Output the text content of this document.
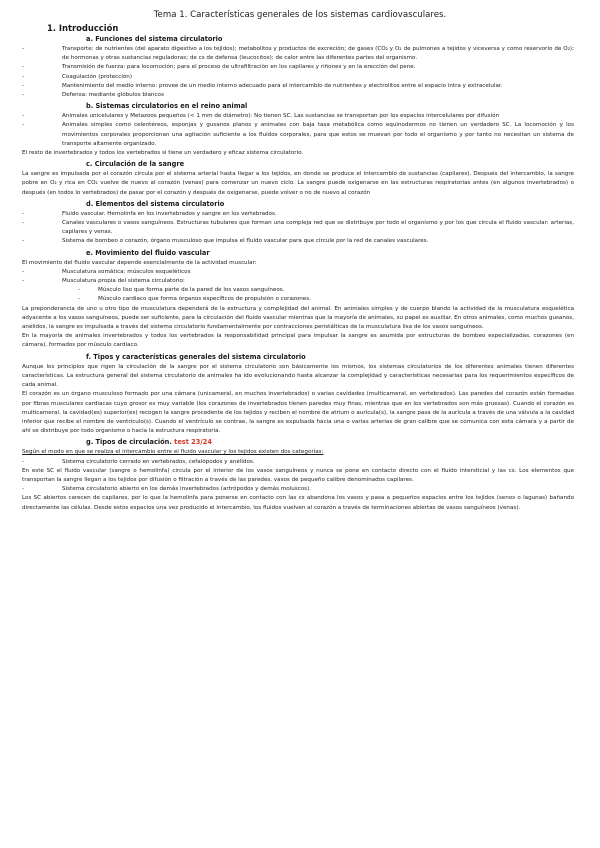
Tema 1. Características generales de los sistemas cardiovasculares.
1. Introducción
a. Funciones del sistema circulatorio
-	Transporte: de nutrientes (del aparato digestivo a los tejidos); metabolitos y productos de excreción; de gases (CO₂ y O₂ de pulmones a tejidos y viceversa y como reservorio de O₂); de hormonas y otras sustancias reguladoras; de cs de defensa (leucocitos); de calor entre las diferentes partes del organismo.
-	Transmisión de fuerza: para locomoción; para el proceso de ultrafiltración en los capilares y riñones y en la erección del pene.
-	Coagulación (protección)
-	Mantenimiento del medio interno: provee de un medio interno adecuado para el intercambio de nutrientes y electrolitos entre el espacio intra y extracelular.
-	Defensa: mediante glóbulos blancos
b. Sistemas circulatorios en el reino animal
-	Animales unicelulares y Metazoos pequeños (< 1 mm de diámetro): No tienen SC. Las sustancias se transportan por los espacios intercelulares por difusión
-	Animales simples como celentéreos, esponjas y gusanos planos y animales con baja tasa metabólica como equinodermos no tienen un verdadero SC. La locomoción y los movimientos corporales proporcionan una agitación suficiente a los fluidos corporales, para que estos se muevan por todo el organismo y por tanto no necesitan un sistema de transporte altamente organizado.
El resto de invertebrados y todos los vertebrados si tiene un verdadero y eficaz sistema circulatorio.
c. Circulación de la sangre
La sangre es impulsada por el corazón circula por el sistema arterial hasta llegar a los tejidos, en donde se produce el intercambio de sustancias (capilares). Después del intercambio, la sangre pobre en O₂ y rica en CO₂ vuelve de nuevo al corazón (venas) para comenzar un nuevo ciclo. La sangre puede oxigenarse en las estructuras respiratorias antes (en algunos invertebrados) o después (en todos lo vertebrados) de pasar por el corazón y después de oxigenarse, puede volver o no de nuevo al corazón
d. Elementos del sistema circulatorio
-	Fluido vascular. Hemolinfa en los invertebrados y sangre en los vertebrados.
-	Canales vasculares o vasos sanguíneos. Estructuras tubulares que forman una compleja red que se distribuye por todo el organismo y por los que circula el fluido vascular: arterias, capilares y venas.
-	Sistema de bombeo o corazón, órgano musculoso que impulsa el fluido vascular para que circule por la red de canales vasculares.
e. Movimiento del fluido vascular
El movimiento del fluido vascular depende esencialmente de la actividad muscular:
-	Musculatura somática: músculos esqueléticos
-	Musculatura propia del sistema circulatorio:
-	Músculo liso que forma parte de la pared de los vasos sanguíneos.
-	Músculo cardiaco que forma órganos específicos de propulsión o corazones.
La preponderancia de uno u otro tipo de musculatura dependerá de la estructura y complejidad del animal. En animales simples y de cuerpo blando la actividad de la musculatura esquelética adyacente a los vasos sanguíneos, puede ser suficiente, para la circulación del fluido vascular mientras que la mayoría de animales, su papel es auxiliar. En otros animales, como muchos gusanos, anélidos, la sangre es impulsada a través del sistema circulatorio fundamentalmente por contracciones peristálticas de la musculatura lisa de los vasos sanguíneos.
En la mayoría de animales invertebrados y todos los vertebrados la responsabilidad principal para impulsar la sangre es asumida por estructuras de bombeo especializadas, corazones (en cámara), formados por músculo cardiaco.
f. Tipos y características generales del sistema circulatorio
Aunque los principios que rigen la circulación de la sangre por el sistema circulatorio son básicamente los mismos, los sistemas circulatorios de los diferentes animales tienen diferentes características. La estructura general del sistema circulatorio de animales ha ido evolucionando hasta alcanzar la complejidad y características necesarias para los requerimientos específicos de cada animal.
El corazón es un órgano musculoso formado por una cámara (unicameral, en muchos invertebrados) o varias cavidades (multicameral, en vertebrados). Las paredes del corazón están formadas por fibras musculares cardiacas cuyo grosor es muy variable (los corazones de invertebrados tienen paredes muy finas, mientras que en los vertebrados son más gruesas). Cuando el corazón es multicameral, la cavidad(es) superior(es) recogen la sangre procedente de los tejidos y reciben el nombre de atrium o aurícula(s), la sangre pasa de la aurícula a través de una válvula a la cavidad inferior que recibe el nombre de ventrículo(s). Cuando el ventrículo se contrae, la sangre es expulsada hacia una o varias arterias de gran calibre que se comunica con esta cámara y a partir de ahí se distribuye por todo organismo o hacia la estructura respiratoria.
g. Tipos de circulación. test 23/24
Según el modo en que se realiza el intercambio entre el fluido vascular y los tejidos existen dos categorías:
-	Sistema circulatorio cerrado en vertebrados, cefalópodos y anélidos.
En este SC el fluido vascular (sangre o hemolinfa) circula por el interior de los vasos sanguíneos y nunca se pone en contacto directo con el fluido intersticial y las cs. Los elementos que transportan la sangre llegan a los tejidos por difusión o filtración a través de las paredes, vasos de pequeño calibre denominados capilares.
-	Sistema circulatorio abierto en los demás invertebrados (artrópodos y demás moluscos).
Los SC abiertos carecen de capilares, por lo que la hemolinfa para ponerse en contacto con las cs abandona los vasos y pasa a pequeños espacios entre los tejidos (senos o lagunas) bañando directamente las células. Desde estos espacios una vez producido el intercambio, los fluidos vuelven al corazón a través de terminaciones abiertas de vasos sanguíneos (venas).
